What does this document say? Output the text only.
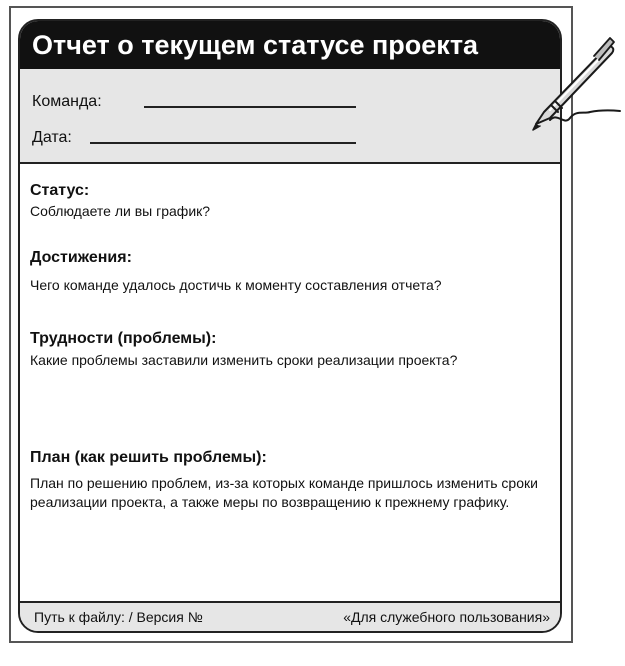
Отчет о текущем статусе проекта
Команда:
Дата:
Статус:

Соблюдаете ли вы график?

Достижения:

Чего команде удалось достичь к моменту составления отчета?

Трудности (проблемы):

Какие проблемы заставили изменить сроки реализации проекта?

План (как решить проблемы):

План по решению проблем, из-за которых команде пришлось изменить сроки реализации проекта, а также меры по возвращению к прежнему графику.

Путь к файлу: / Версия №	«Для служебного пользования»
